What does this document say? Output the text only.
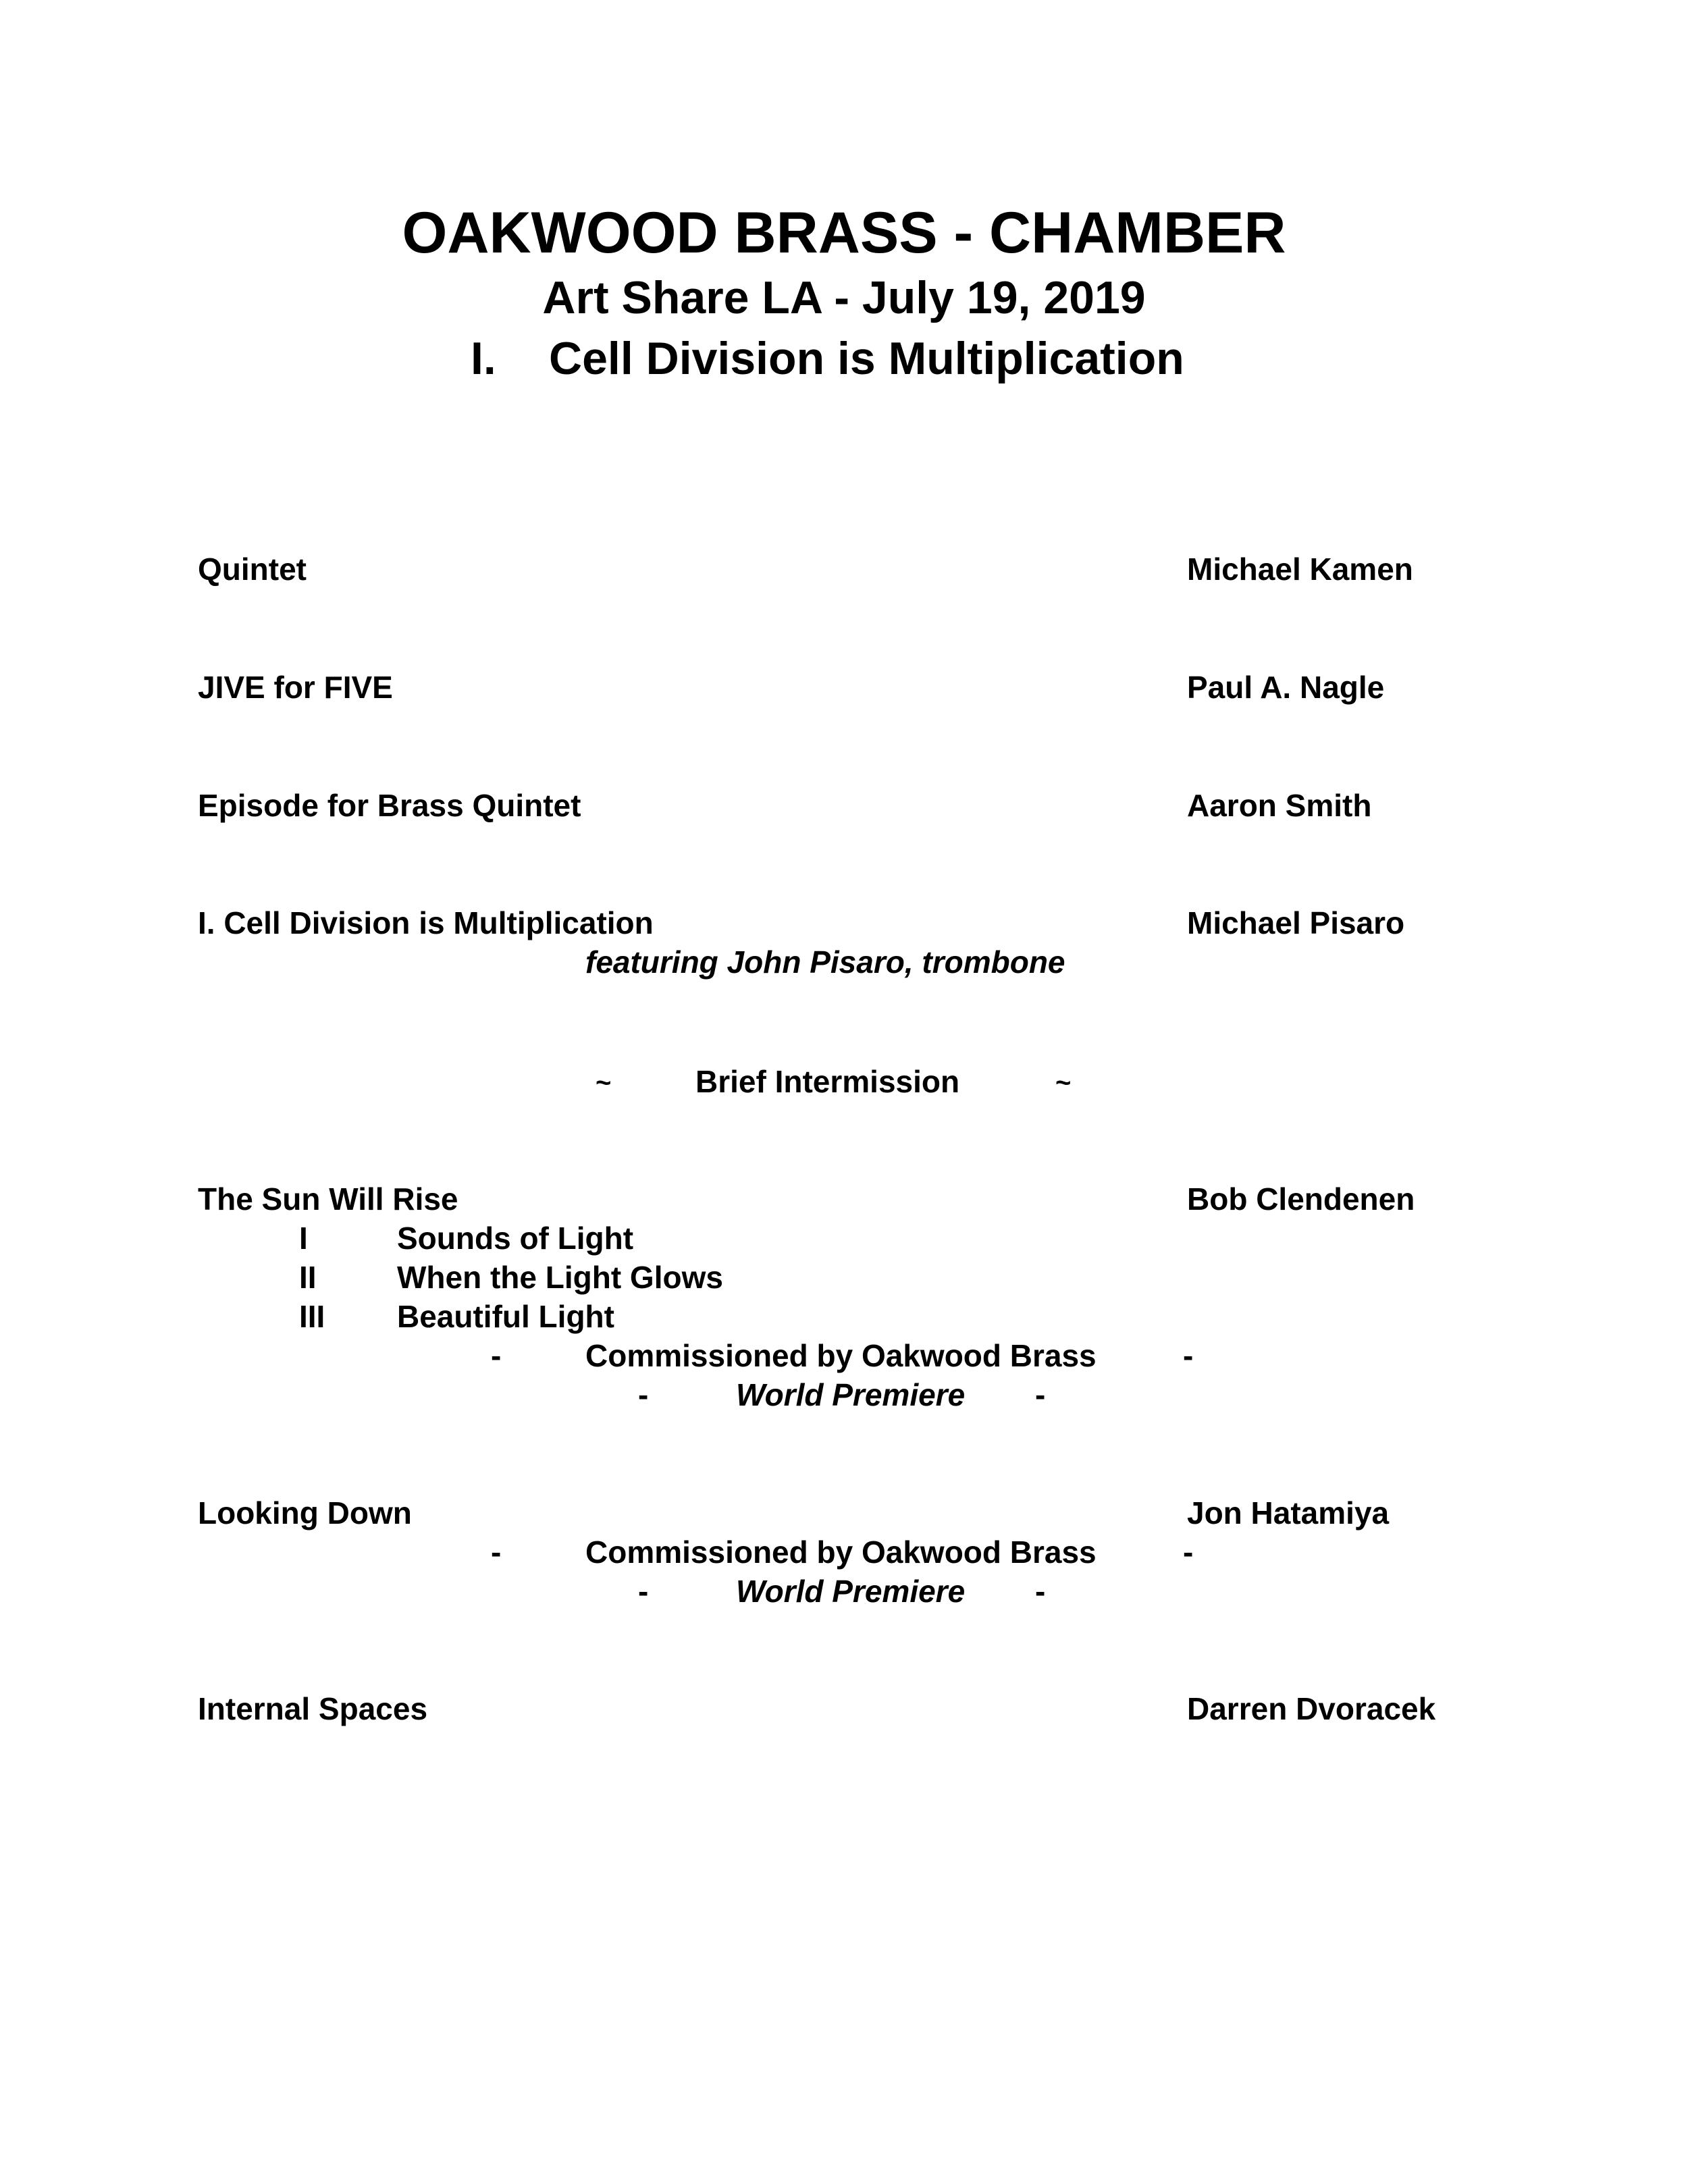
OAKWOOD BRASS - CHAMBER
Art Share LA - July 19, 2019
I. Cell Division is Multiplication
Quintet	Michael Kamen
JIVE for FIVE	Paul A. Nagle
Episode for Brass Quintet	Aaron Smith
I. Cell Division is Multiplication	Michael Pisaro
featuring John Pisaro, trombone
~	Brief Intermission	~
The Sun Will Rise	Bob Clendenen
I	Sounds of Light
II	When the Light Glows
III Beautiful Light
-	Commissioned by Oakwood Brass	-
-	World Premiere -
Looking Down	Jon Hatamiya
-	Commissioned by Oakwood Brass	-
-	World Premiere -
Internal Spaces	Darren Dvoracek
